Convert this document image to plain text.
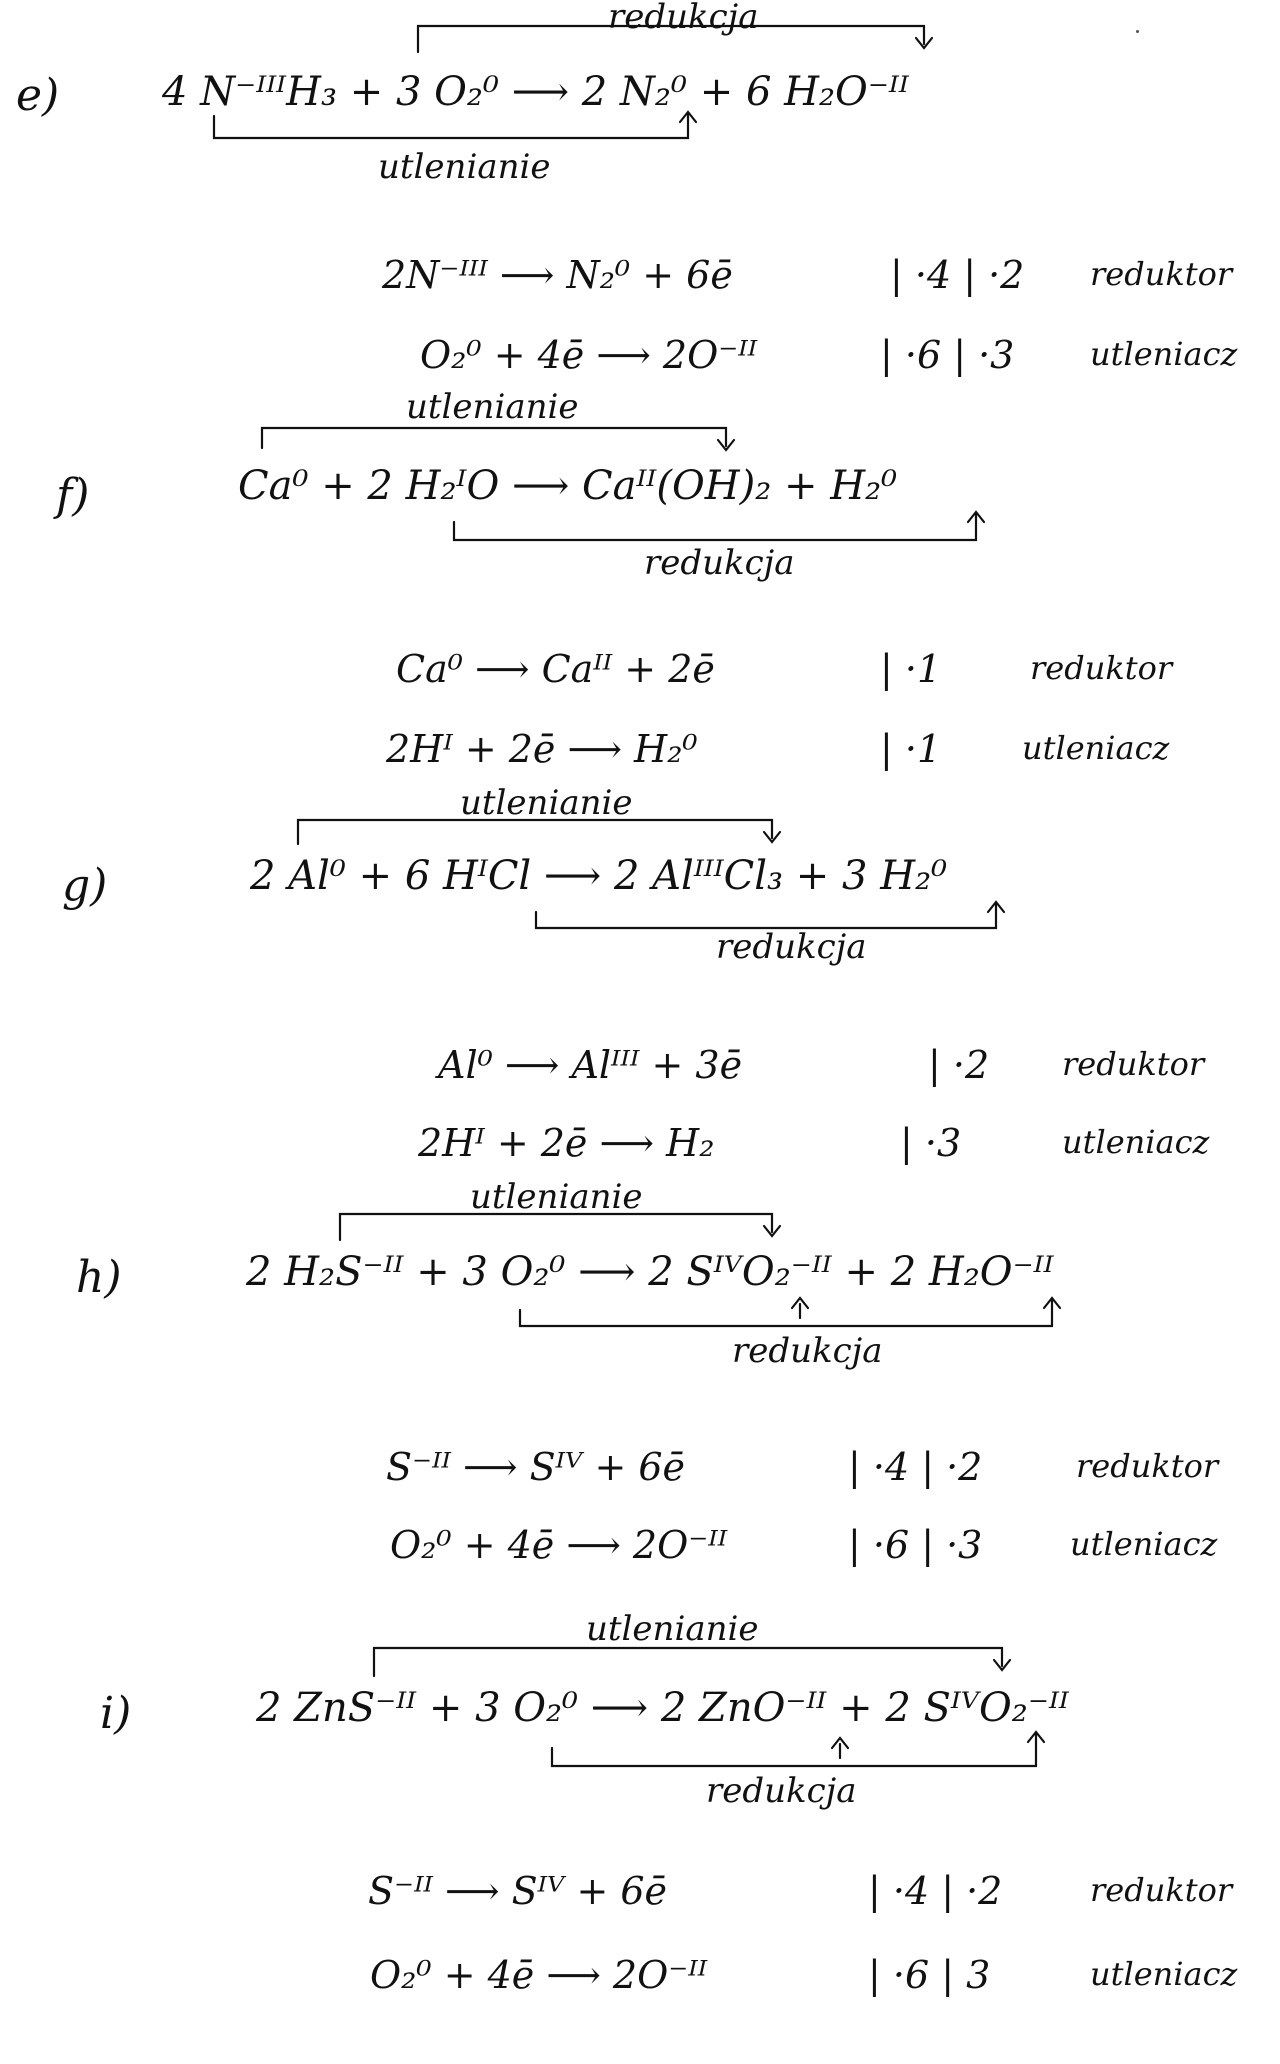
e)
redukcja
4 N⁻ᴵᴵᴵH₃ + 3 O₂⁰ ⟶ 2 N₂⁰ + 6 H₂O⁻ᴵᴵ
utlenianie
2N⁻ᴵᴵᴵ ⟶ N₂⁰ + 6ē	| ·4 | ·2 reduktor
O₂⁰ + 4ē ⟶ 2O⁻ᴵᴵ	| ·6 | ·3 utleniacz
f)
utlenianie
Ca⁰ + 2 H₂ᴵO ⟶ Caᴵᴵ(OH)₂ + H₂⁰
redukcja
Ca⁰ ⟶ Caᴵᴵ + 2ē	| ·1	reduktor
2Hᴵ + 2ē ⟶ H₂⁰	| ·1	utleniacz
g)
utlenianie
2 Al⁰ + 6 HᴵCl ⟶ 2 AlᴵᴵᴵCl₃ + 3 H₂⁰
redukcja
Al⁰ ⟶ Alᴵᴵᴵ + 3ē	| ·2 reduktor
2Hᴵ + 2ē ⟶ H₂	| ·3	utleniacz
h)
utlenianie
2 H₂S⁻ᴵᴵ + 3 O₂⁰ ⟶ 2 SᴵⱽO₂⁻ᴵᴵ + 2 H₂O⁻ᴵᴵ
redukcja
S⁻ᴵᴵ ⟶ Sᴵⱽ + 6ē	| ·4 | ·2	reduktor
O₂⁰ + 4ē ⟶ 2O⁻ᴵᴵ	| ·6 | ·3	utleniacz
i)
utlenianie
2 ZnS⁻ᴵᴵ + 3 O₂⁰ ⟶ 2 ZnO⁻ᴵᴵ + 2 SᴵⱽO₂⁻ᴵᴵ
redukcja
S⁻ᴵᴵ ⟶ Sᴵⱽ + 6ē	| ·4 | ·2	reduktor
O₂⁰ + 4ē ⟶ 2O⁻ᴵᴵ	| ·6 | 3	utleniacz
